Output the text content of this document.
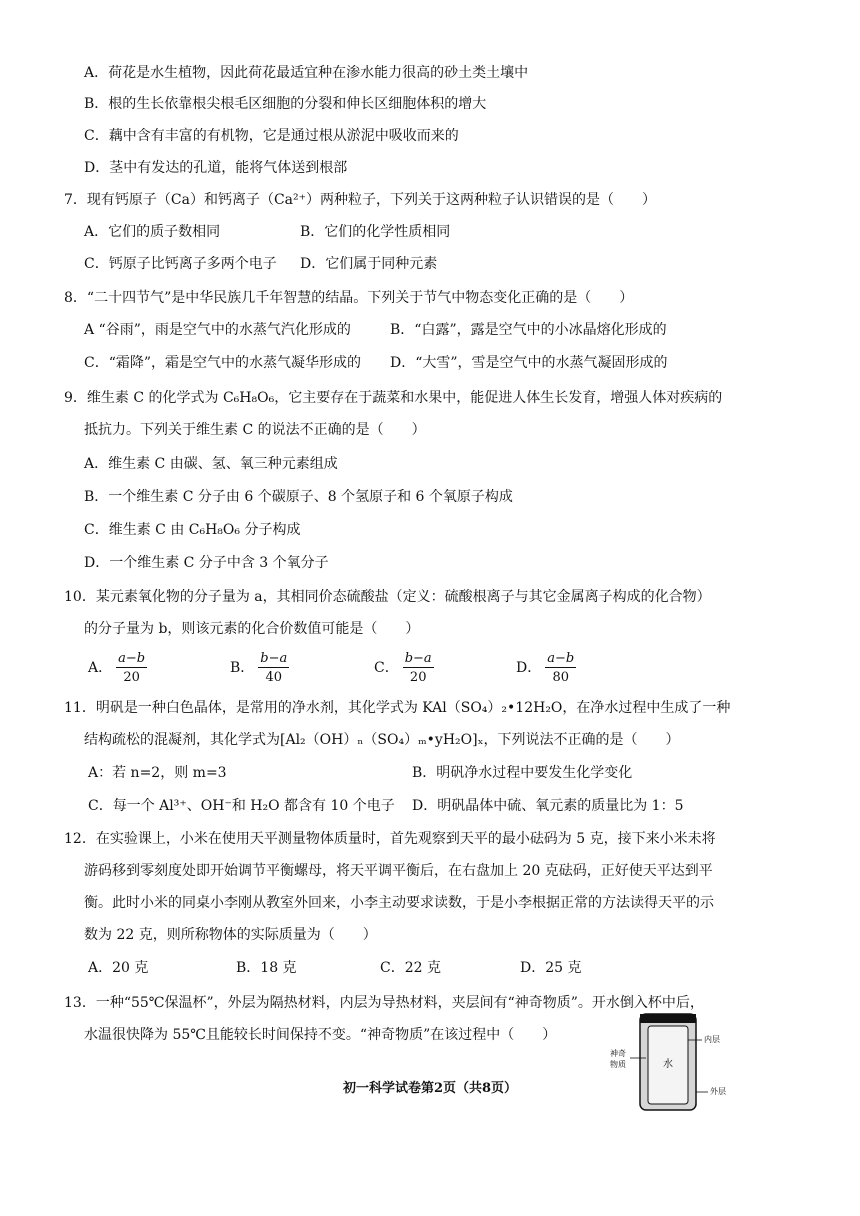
A．荷花是水生植物，因此荷花最适宜种在渗水能力很高的砂土类土壤中
B．根的生长依靠根尖根毛区细胞的分裂和伸长区细胞体积的增大
C．藕中含有丰富的有机物，它是通过根从淤泥中吸收而来的
D．茎中有发达的孔道，能将气体送到根部
7．现有钙原子（Ca）和钙离子（Ca²⁺）两种粒子，下列关于这两种粒子认识错误的是（　　）
A．它们的质子数相同	B．它们的化学性质相同
C．钙原子比钙离子多两个电子 D．它们属于同种元素
8．“二十四节气”是中华民族几千年智慧的结晶。下列关于节气中物态变化正确的是（　　）
A “谷雨”，雨是空气中的水蒸气汽化形成的	B．“白露”，露是空气中的小冰晶熔化形成的
C．“霜降”，霜是空气中的水蒸气凝华形成的 D．“大雪”，雪是空气中的水蒸气凝固形成的
9．维生素 C 的化学式为 C₆H₈O₆，它主要存在于蔬菜和水果中，能促进人体生长发育，增强人体对疾病的
抵抗力。下列关于维生素 C 的说法不正确的是（　　）
A．维生素 C 由碳、氢、氧三种元素组成
B．一个维生素 C 分子由 6 个碳原子、8 个氢原子和 6 个氧原子构成
C．维生素 C 由 C₆H₈O₆ 分子构成
D．一个维生素 C 分子中含 3 个氧分子
10．某元素氧化物的分子量为 a，其相同价态硫酸盐（定义：硫酸根离子与其它金属离子构成的化合物）
的分子量为 b，则该元素的化合价数值可能是（　　）
A． $\frac{a-b}{20}$	B． $\frac{b-a}{40}$	C． $\frac{b-a}{20}$	D． $\frac{a-b}{80}$
11．明矾是一种白色晶体，是常用的净水剂，其化学式为 KAl（SO₄）₂•12H₂O，在净水过程中生成了一种
结构疏松的混凝剂，其化学式为[Al₂（OH）ₙ（SO₄）ₘ•yH₂O]ₓ，下列说法不正确的是（　　）
A：若 n=2，则 m=3	B．明矾净水过程中要发生化学变化
C．每一个 Al³⁺、OH⁻和 H₂O 都含有 10 个电子 D．明矾晶体中硫、氧元素的质量比为 1：5
12．在实验课上，小米在使用天平测量物体质量时，首先观察到天平的最小砝码为 5 克，接下来小米未将
游码移到零刻度处即开始调节平衡螺母，将天平调平衡后，在右盘加上 20 克砝码，正好使天平达到平
衡。此时小米的同桌小李刚从教室外回来，小李主动要求读数，于是小李根据正常的方法读得天平的示
数为 22 克，则所称物体的实际质量为（　　）
A．20 克	B．18 克	C．22 克	D．25 克
13．一种“55℃保温杯”，外层为隔热材料，内层为导热材料，夹层间有“神奇物质”。开水倒入杯中后，
水温很快降为 55℃且能较长时间保持不变。“神奇物质”在该过程中（　　）
水
内层
外层
神奇
物质
初一科学试卷第2页（共8页）
